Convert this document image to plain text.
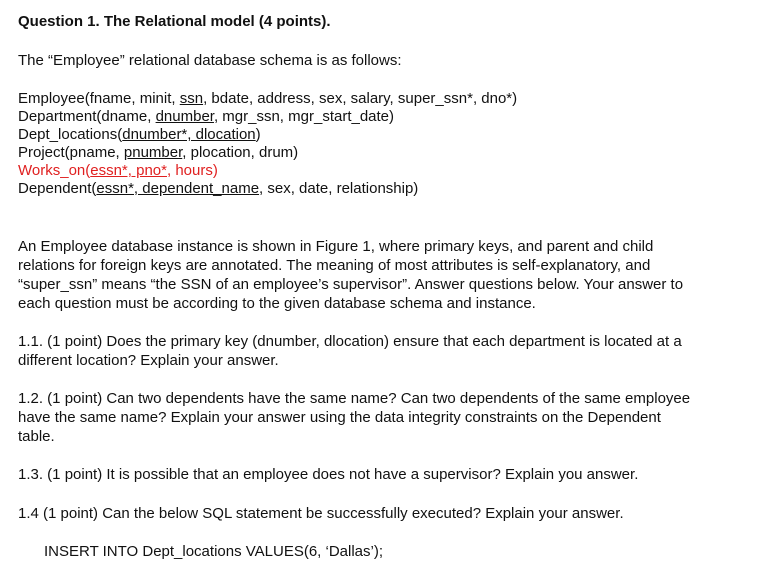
Question 1. The Relational model (4 points).
The “Employee” relational database schema is as follows:
Employee(fname, minit, ssn, bdate, address, sex, salary, super_ssn*, dno*)
Department(dname, dnumber, mgr_ssn, mgr_start_date)
Dept_locations(dnumber*, dlocation)
Project(pname, pnumber, plocation, drum)
Works_on(essn*, pno*, hours)
Dependent(essn*, dependent_name, sex, date, relationship)
An Employee database instance is shown in Figure 1, where primary keys, and parent and child
relations for foreign keys are annotated. The meaning of most attributes is self-explanatory, and
“super_ssn” means “the SSN of an employee’s supervisor”. Answer questions below. Your answer to
each question must be according to the given database schema and instance.
1.1. (1 point) Does the primary key (dnumber, dlocation) ensure that each department is located at a
different location? Explain your answer.
1.2. (1 point) Can two dependents have the same name? Can two dependents of the same employee
have the same name? Explain your answer using the data integrity constraints on the Dependent
table.
1.3. (1 point) It is possible that an employee does not have a supervisor? Explain you answer.
1.4 (1 point) Can the below SQL statement be successfully executed? Explain your answer.
INSERT INTO Dept_locations VALUES(6, ‘Dallas’);
